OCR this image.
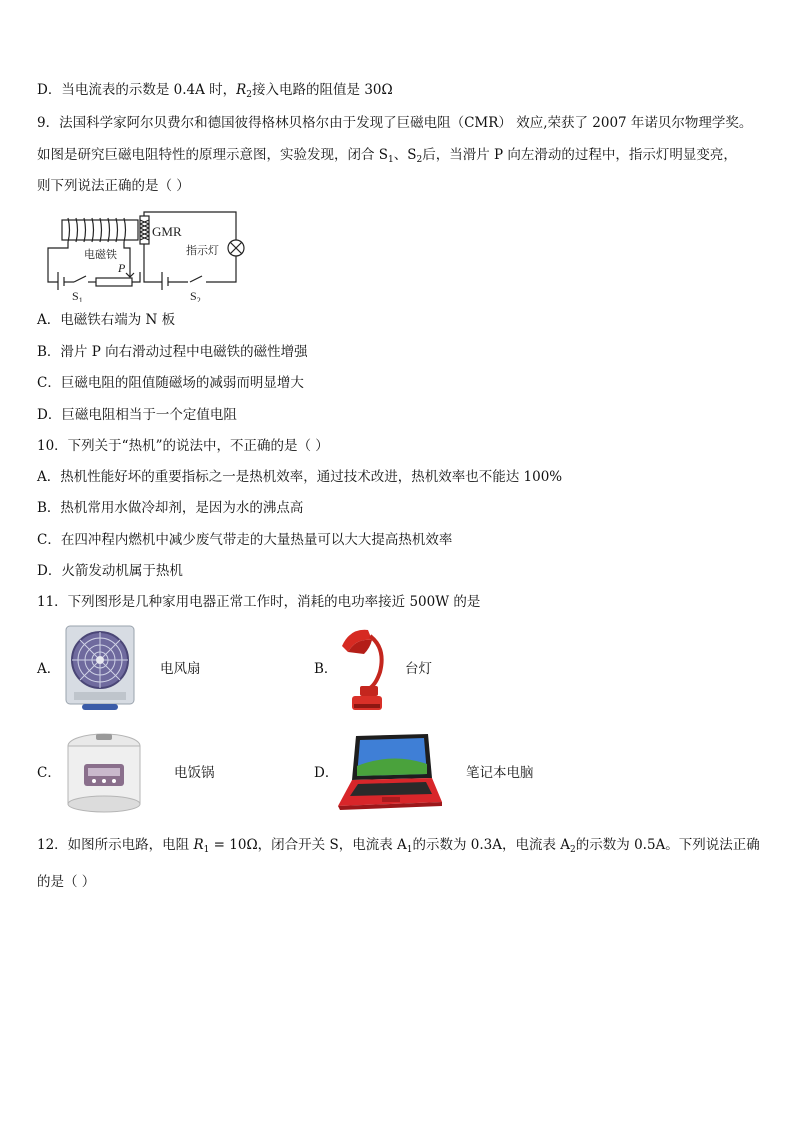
D．当电流表的示数是 0.4A 时，$R_2$接入电路的阻值是 30Ω
9．法国科学家阿尔贝费尔和德国彼得格林贝格尔由于发现了巨磁电阻（CMR） 效应,荣获了 2007 年诺贝尔物理学奖。
如图是研究巨磁电阻特性的原理示意图，实验发现，闭合 $S_1$、$S_2$后，当滑片 P 向左滑动的过程中，指示灯明显变亮，
则下列说法正确的是（ ）
GMR
电磁铁
P
指示灯
$S_1$	$S_2$
A．电磁铁右端为 N 板
B．滑片 P 向右滑动过程中电磁铁的磁性增强
C．巨磁电阻的阻值随磁场的减弱而明显增大
D．巨磁电阻相当于一个定值电阻
10．下列关于“热机”的说法中，不正确的是（ ）
A．热机性能好坏的重要指标之一是热机效率，通过技术改进，热机效率也不能达 100%
B．热机常用水做冷却剂，是因为水的沸点高
C．在四冲程内燃机中减少废气带走的大量热量可以大大提高热机效率
D．火箭发动机属于热机
11．下列图形是几种家用电器正常工作时，消耗的电功率接近 500W 的是
A．	电风扇	B．	台灯
C．	电饭锅	D．	笔记本电脑
12．如图所示电路，电阻 $R_1 = 10\Omega$，闭合开关 S，电流表 $A_1$的示数为 0.3A，电流表 $A_2$的示数为 0.5A。下列说法正确
的是（ ）
